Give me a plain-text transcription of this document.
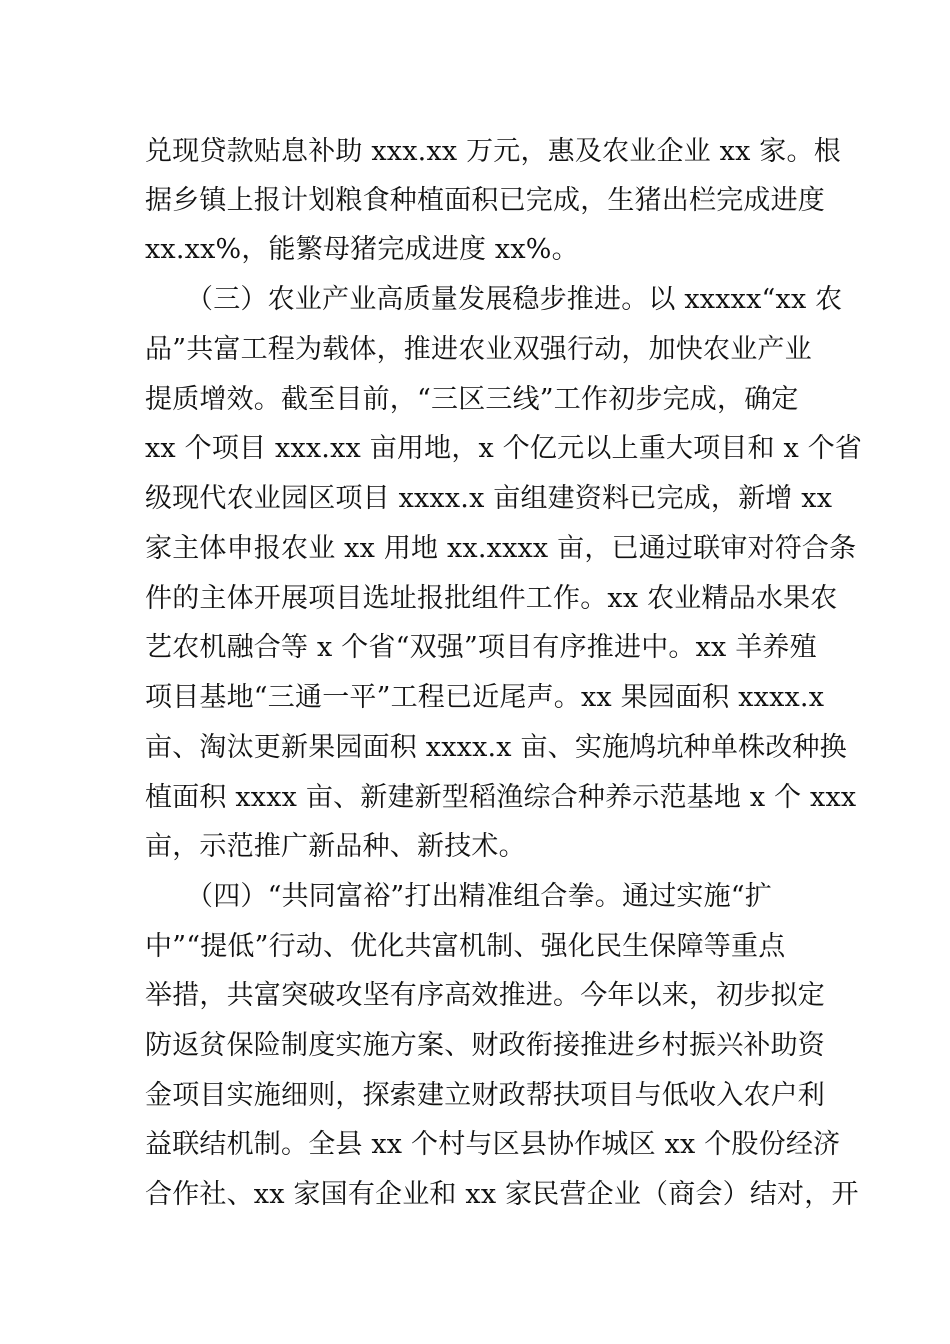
兑现贷款贴息补助 xxx.xx 万元，惠及农业企业 xx 家。根
据乡镇上报计划粮食种植面积已完成，生猪出栏完成进度
xx.xx%，能繁母猪完成进度 xx%。
（三）农业产业高质量发展稳步推进。以 xxxxx“xx 农
品”共富工程为载体，推进农业双强行动，加快农业产业
提质增效。截至目前，“三区三线”工作初步完成，确定
xx 个项目 xxx.xx 亩用地，x 个亿元以上重大项目和 x 个省
级现代农业园区项目 xxxx.x 亩组建资料已完成，新增 xx
家主体申报农业 xx 用地 xx.xxxx 亩，已通过联审对符合条
件的主体开展项目选址报批组件工作。xx 农业精品水果农
艺农机融合等 x 个省“双强”项目有序推进中。xx 羊养殖
项目基地“三通一平”工程已近尾声。xx 果园面积 xxxx.x
亩、淘汰更新果园面积 xxxx.x 亩、实施鸠坑种单株改种换
植面积 xxxx 亩、新建新型稻渔综合种养示范基地 x 个 xxx
亩，示范推广新品种、新技术。
（四）“共同富裕”打出精准组合拳。通过实施“扩
中”“提低”行动、优化共富机制、强化民生保障等重点
举措，共富突破攻坚有序高效推进。今年以来，初步拟定
防返贫保险制度实施方案、财政衔接推进乡村振兴补助资
金项目实施细则，探索建立财政帮扶项目与低收入农户利
益联结机制。全县 xx 个村与区县协作城区 xx 个股份经济
合作社、xx 家国有企业和 xx 家民营企业（商会）结对，开
